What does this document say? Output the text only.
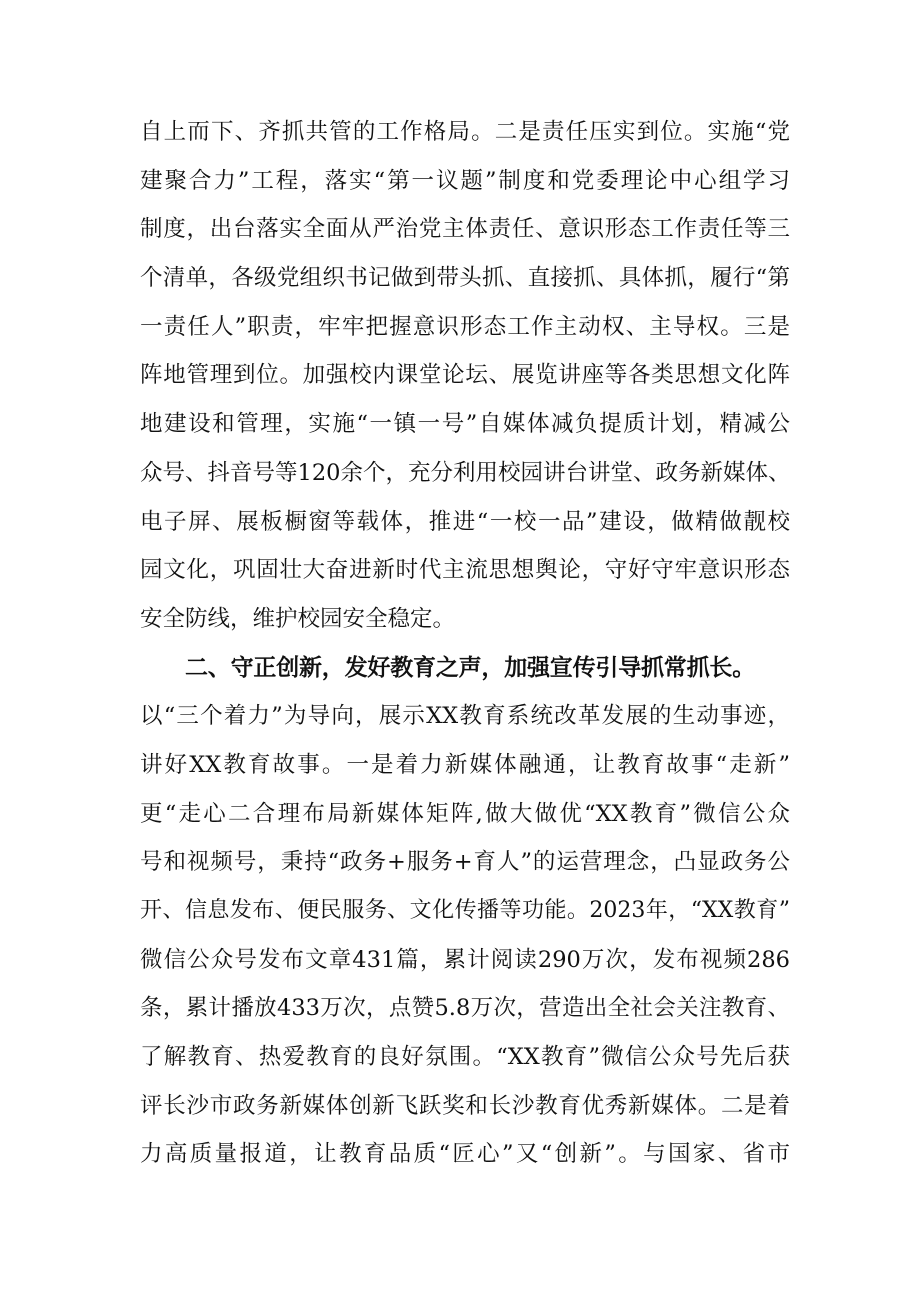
自上而下、齐抓共管的工作格局。二是责任压实到位。实施“党
建聚合力”工程，落实“第一议题”制度和党委理论中心组学习
制度，出台落实全面从严治党主体责任、意识形态工作责任等三
个清单，各级党组织书记做到带头抓、直接抓、具体抓，履行“第
一责任人”职责，牢牢把握意识形态工作主动权、主导权。三是
阵地管理到位。加强校内课堂论坛、展览讲座等各类思想文化阵
地建设和管理，实施“一镇一号”自媒体减负提质计划，精减公
众号、抖音号等120余个，充分利用校园讲台讲堂、政务新媒体、
电子屏、展板橱窗等载体，推进“一校一品”建设，做精做靓校
园文化，巩固壮大奋进新时代主流思想舆论，守好守牢意识形态
安全防线，维护校园安全稳定。
二、守正创新，发好教育之声，加强宣传引导抓常抓长。
以“三个着力”为导向，展示XX教育系统改革发展的生动事迹，
讲好XX教育故事。一是着力新媒体融通，让教育故事“走新”
更“走心二合理布局新媒体矩阵,做大做优“XX教育”微信公众
号和视频号，秉持“政务+服务+育人”的运营理念，凸显政务公
开、信息发布、便民服务、文化传播等功能。2023年，“XX教育”
微信公众号发布文章431篇，累计阅读290万次，发布视频286
条，累计播放433万次，点赞5.8万次，营造出全社会关注教育、
了解教育、热爱教育的良好氛围。“XX教育”微信公众号先后获
评长沙市政务新媒体创新飞跃奖和长沙教育优秀新媒体。二是着
力高质量报道，让教育品质“匠心”又“创新”。与国家、省市
